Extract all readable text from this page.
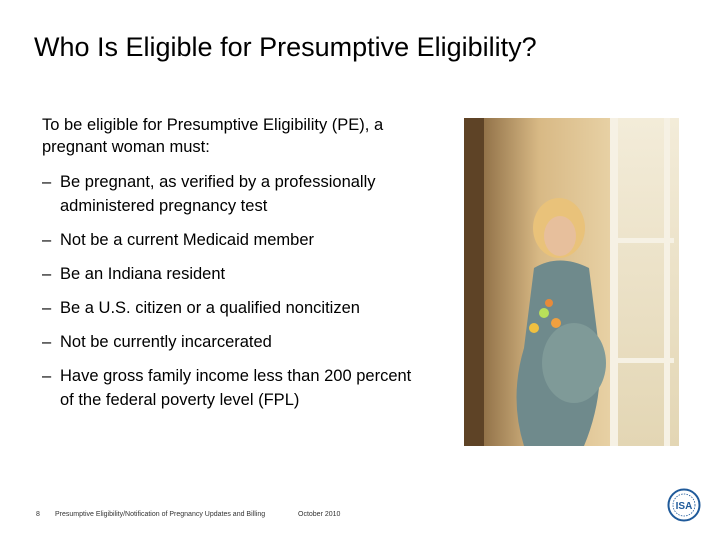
Who Is Eligible for Presumptive Eligibility?
To be eligible for Presumptive Eligibility (PE), a pregnant woman must:
– Be pregnant, as verified by a professionally administered pregnancy test
– Not be a current Medicaid member
– Be an Indiana resident
– Be a U.S. citizen or a qualified noncitizen
– Not be currently incarcerated
– Have gross family income less than 200 percent of the federal poverty level (FPL)
8 Presumptive Eligibility/Notification of Pregnancy Updates and Billing	October 2010
ISA
